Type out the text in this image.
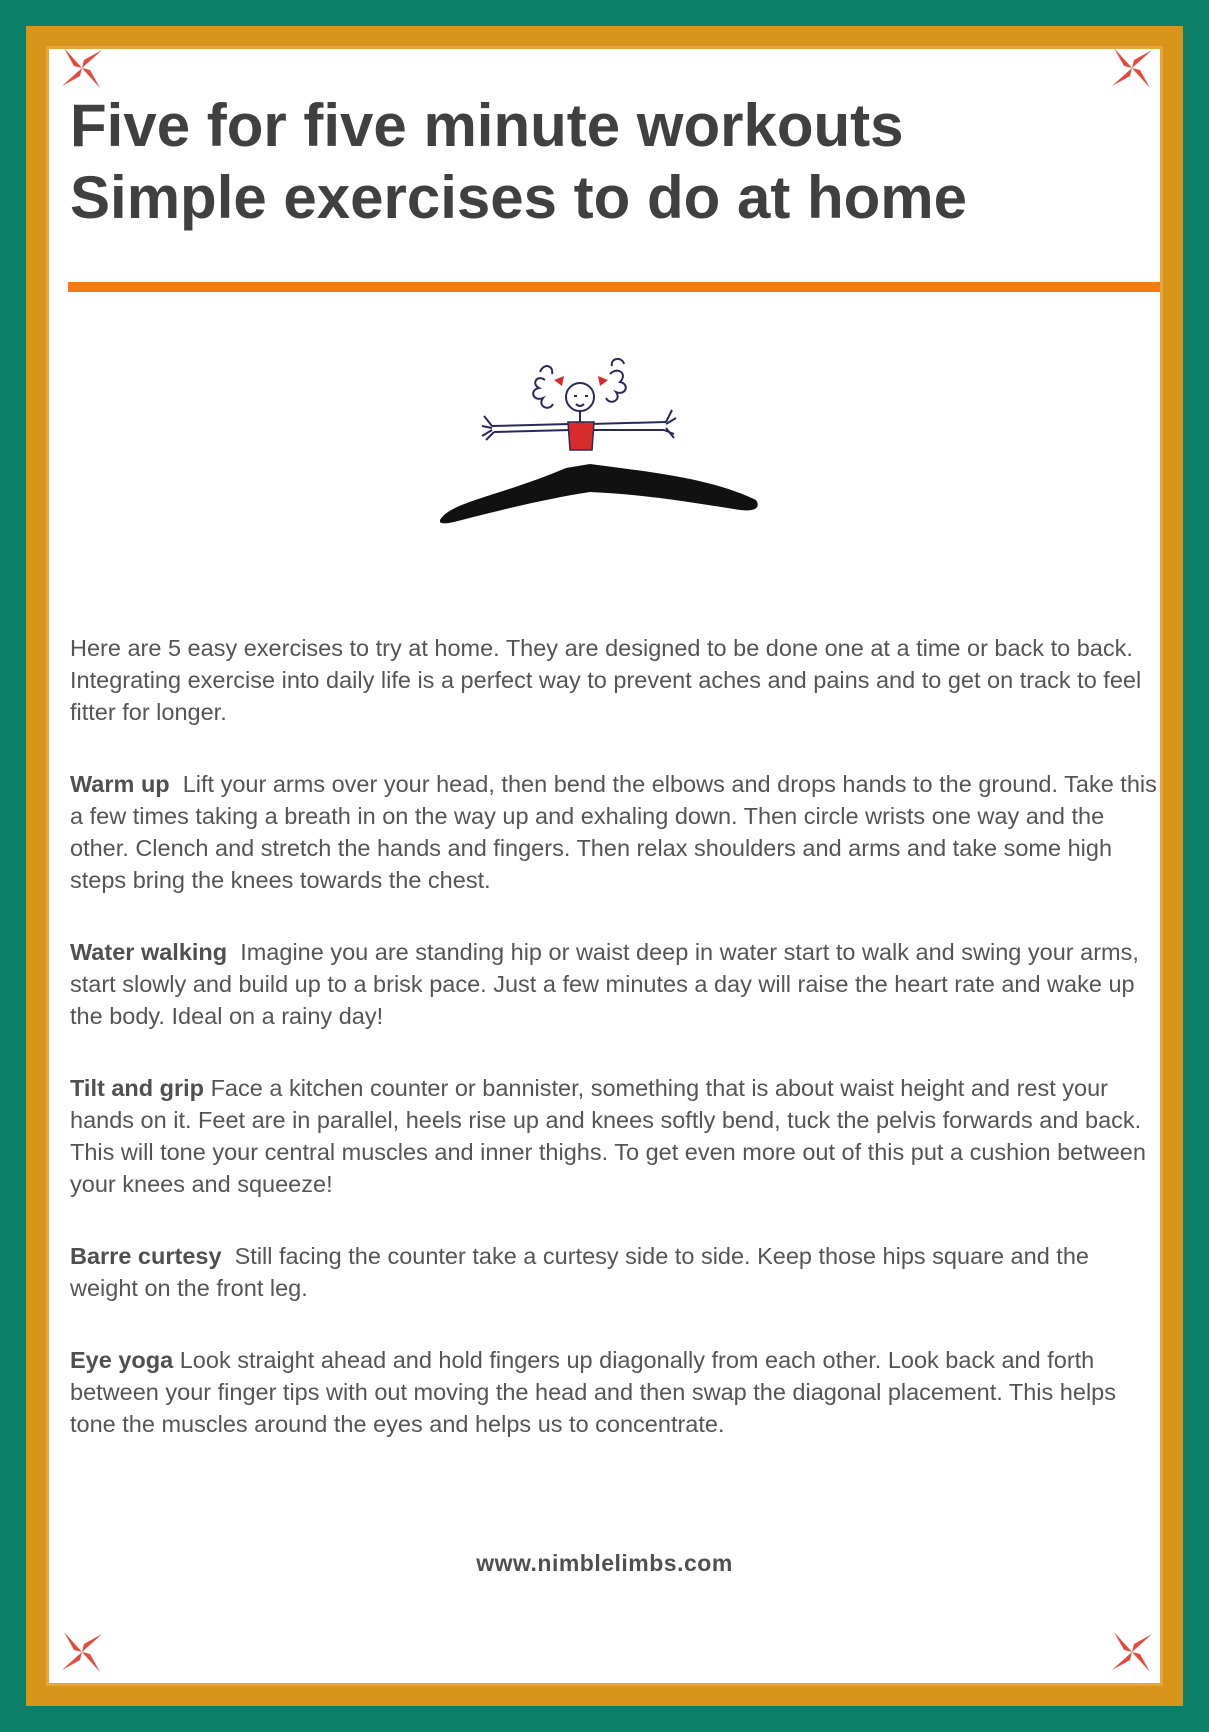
Five for five minute workouts
Simple exercises to do at home

Here are 5 easy exercises to try at home. They are designed to be done one at a time or back to back. Integrating exercise into daily life is a perfect way to prevent aches and pains and to get on track to feel fitter for longer.

Warm up Lift your arms over your head, then bend the elbows and drops hands to the ground. Take this a few times taking a breath in on the way up and exhaling down. Then circle wrists one way and the other. Clench and stretch the hands and fingers. Then relax shoulders and arms and take some high steps bring the knees towards the chest.

Water walking Imagine you are standing hip or waist deep in water start to walk and swing your arms, start slowly and build up to a brisk pace. Just a few minutes a day will raise the heart rate and wake up the body. Ideal on a rainy day!

Tilt and grip Face a kitchen counter or bannister, something that is about waist height and rest your hands on it. Feet are in parallel, heels rise up and knees softly bend, tuck the pelvis forwards and back. This will tone your central muscles and inner thighs. To get even more out of this put a cushion between your knees and squeeze!

Barre curtesy Still facing the counter take a curtesy side to side. Keep those hips square and the weight on the front leg.

Eye yoga Look straight ahead and hold fingers up diagonally from each other. Look back and forth between your finger tips with out moving the head and then swap the diagonal placement. This helps tone the muscles around the eyes and helps us to concentrate.

www.nimblelimbs.com
